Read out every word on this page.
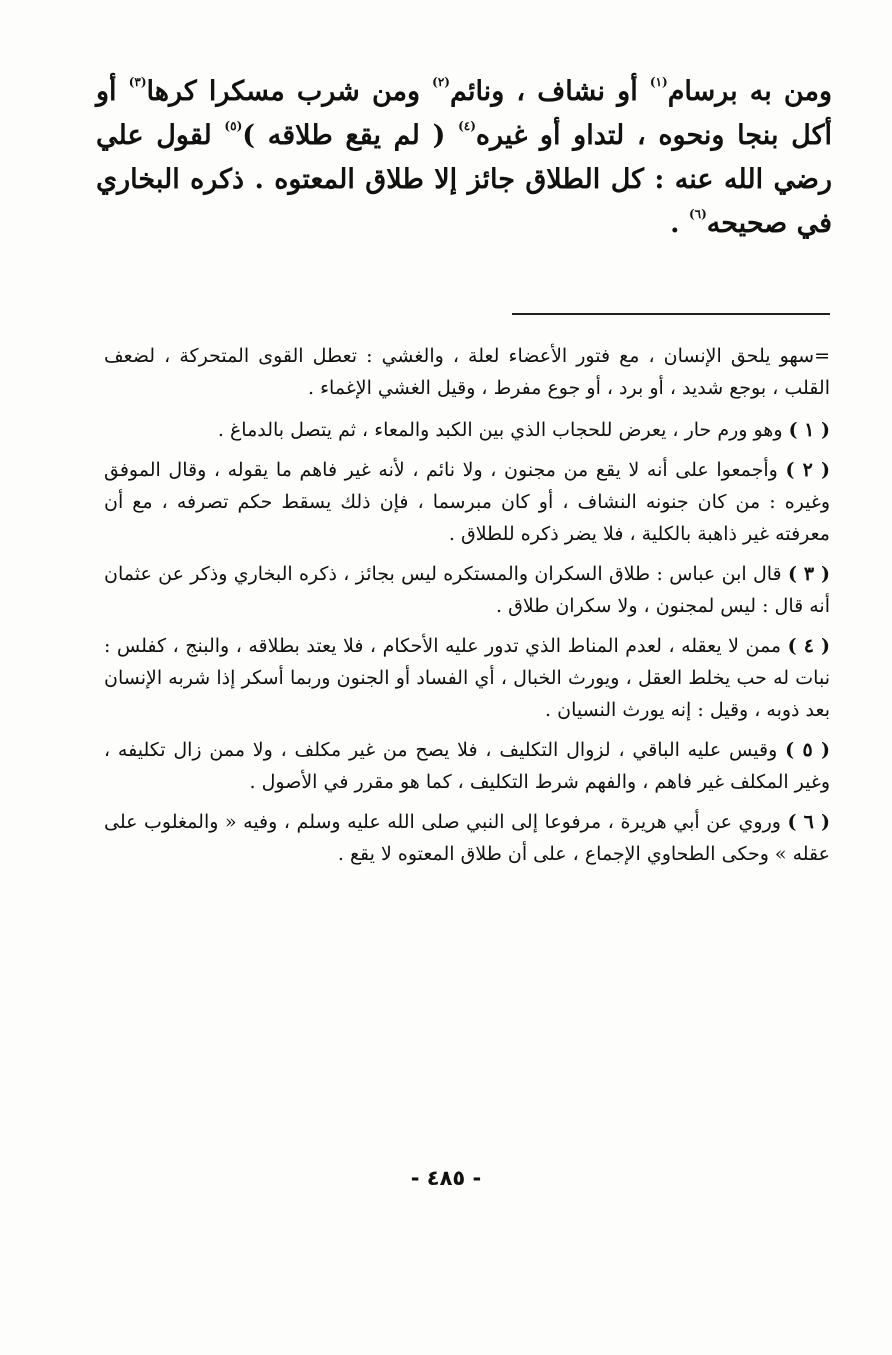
ومن به برسام$^{(١)}$ أو نشاف ، ونائم$^{(٢)}$ ومن شرب مسكرا كرها$^{(٣)}$ أو أكل بنجا ونحوه ، لتداو أو غيره$^{(٤)}$ ( لم يقع طلاقه )$^{(٥)}$ لقول علي رضي الله عنه : كل الطلاق جائز إلا طلاق المعتوه . ذكره البخاري في صحيحه$^{(٦)}$ .

=سهو يلحق الإنسان ، مع فتور الأعضاء لعلة ، والغشي : تعطل القوى المتحركة ، لضعف القلب ، بوجع شديد ، أو برد ، أو جوع مفرط ، وقيل الغشي الإغماء .

( ١ ) وهو ورم حار ، يعرض للحجاب الذي بين الكبد والمعاء ، ثم يتصل بالدماغ .

( ٢ ) وأجمعوا على أنه لا يقع من مجنون ، ولا نائم ، لأنه غير فاهم ما يقوله ، وقال الموفق وغيره : من كان جنونه النشاف ، أو كان مبرسما ، فإن ذلك يسقط حكم تصرفه ، مع أن معرفته غير ذاهبة بالكلية ، فلا يضر ذكره للطلاق .

( ٣ ) قال ابن عباس : طلاق السكران والمستكره ليس بجائز ، ذكره البخاري وذكر عن عثمان أنه قال : ليس لمجنون ، ولا سكران طلاق .

( ٤ ) ممن لا يعقله ، لعدم المناط الذي تدور عليه الأحكام ، فلا يعتد بطلاقه ، والبنج ، كفلس : نبات له حب يخلط العقل ، ويورث الخبال ، أي الفساد أو الجنون وربما أسكر إذا شربه الإنسان بعد ذوبه ، وقيل : إنه يورث النسيان .

( ٥ ) وقيس عليه الباقي ، لزوال التكليف ، فلا يصح من غير مكلف ، ولا ممن زال تكليفه ، وغير المكلف غير فاهم ، والفهم شرط التكليف ، كما هو مقرر في الأصول .

( ٦ ) وروي عن أبي هريرة ، مرفوعا إلى النبي صلى الله عليه وسلم ، وفيه « والمغلوب على عقله » وحكى الطحاوي الإجماع ، على أن طلاق المعتوه لا يقع .

- ٤٨٥ -
